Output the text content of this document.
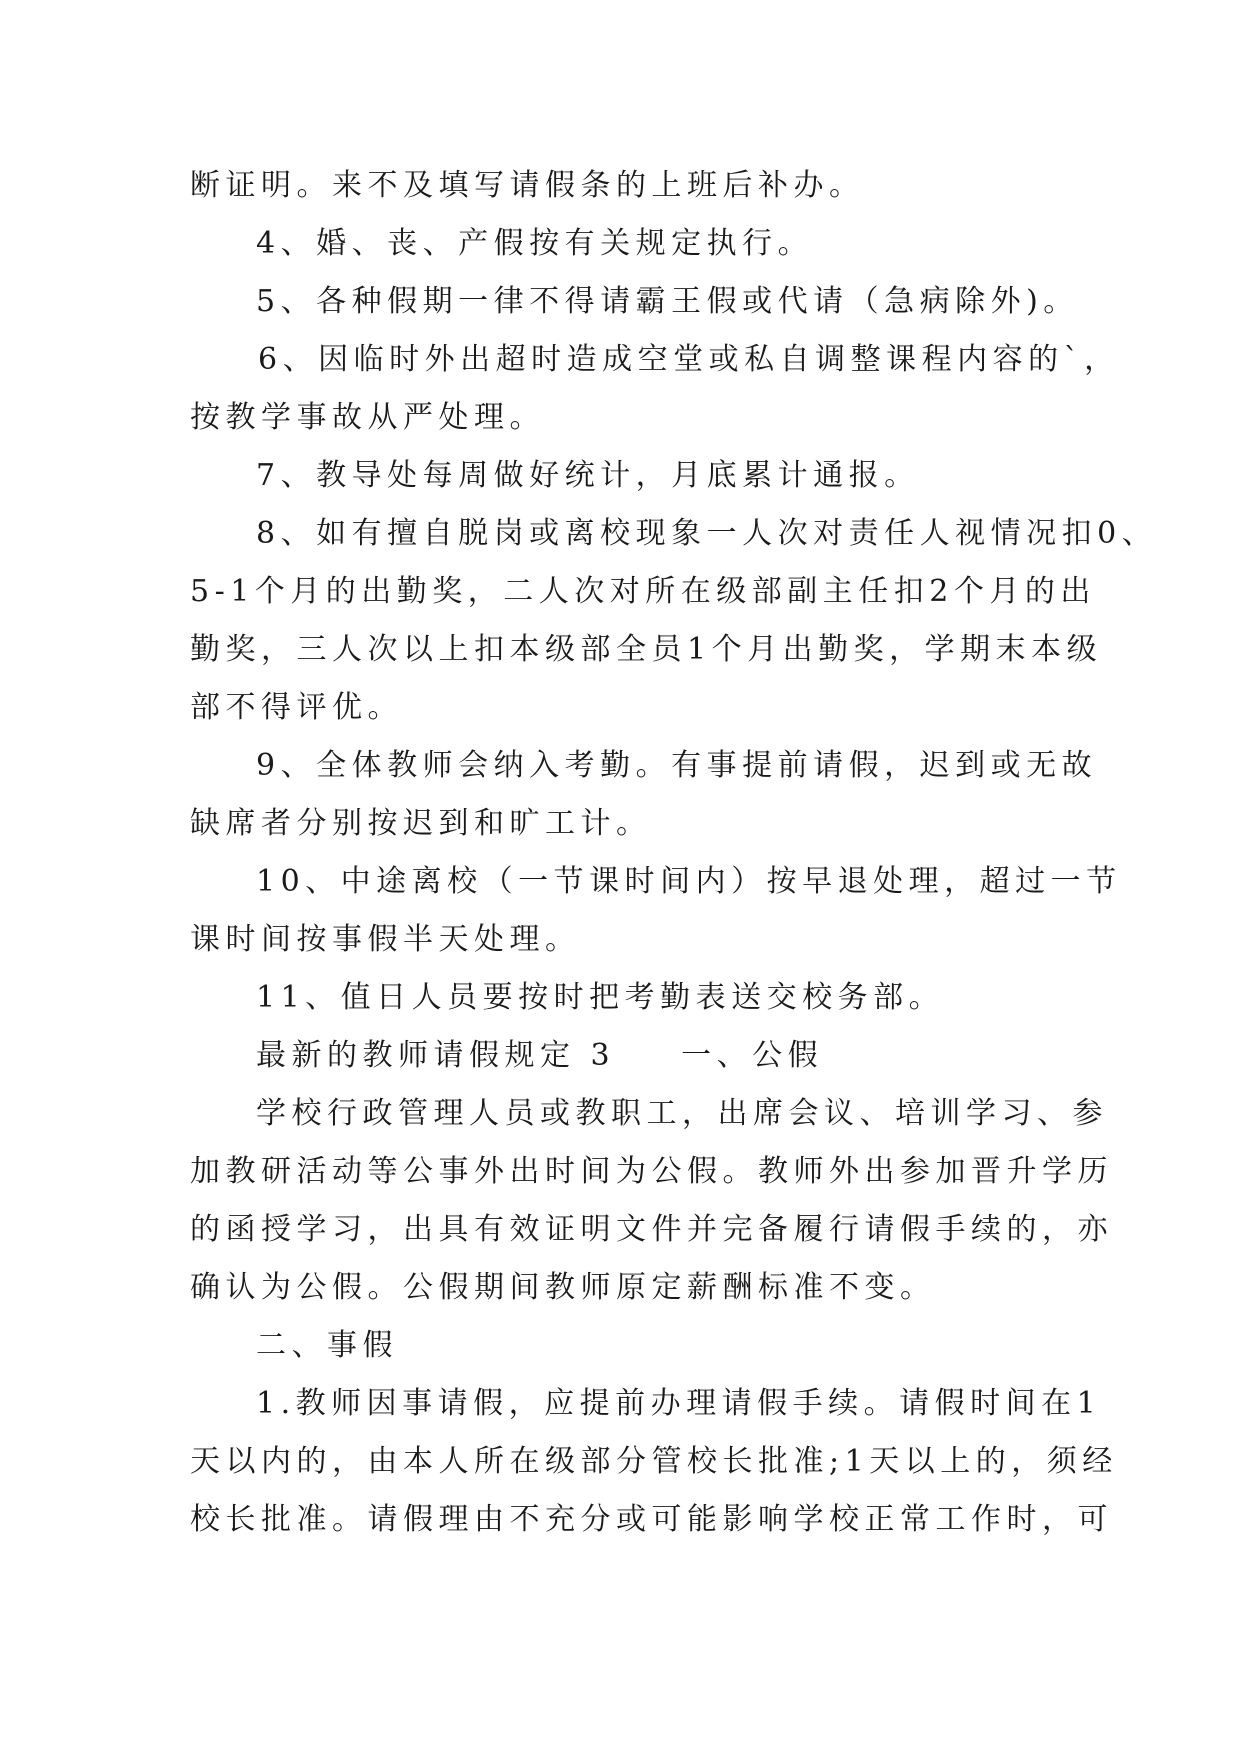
断证明。来不及填写请假条的上班后补办。
4、婚、丧、产假按有关规定执行。
5、各种假期一律不得请霸王假或代请（急病除外)。
6、因临时外出超时造成空堂或私自调整课程内容的`，
按教学事故从严处理。
7、教导处每周做好统计，月底累计通报。
8、如有擅自脱岗或离校现象一人次对责任人视情况扣0、
5-1个月的出勤奖，二人次对所在级部副主任扣2个月的出
勤奖，三人次以上扣本级部全员1个月出勤奖，学期末本级
部不得评优。
9、全体教师会纳入考勤。有事提前请假，迟到或无故
缺席者分别按迟到和旷工计。
10、中途离校（一节课时间内）按早退处理，超过一节
课时间按事假半天处理。
11、值日人员要按时把考勤表送交校务部。
最新的教师请假规定 3 一、公假
学校行政管理人员或教职工，出席会议、培训学习、参
加教研活动等公事外出时间为公假。教师外出参加晋升学历
的函授学习，出具有效证明文件并完备履行请假手续的，亦
确认为公假。公假期间教师原定薪酬标准不变。
二、事假
1.教师因事请假，应提前办理请假手续。请假时间在1
天以内的，由本人所在级部分管校长批准;1天以上的，须经
校长批准。请假理由不充分或可能影响学校正常工作时，可
